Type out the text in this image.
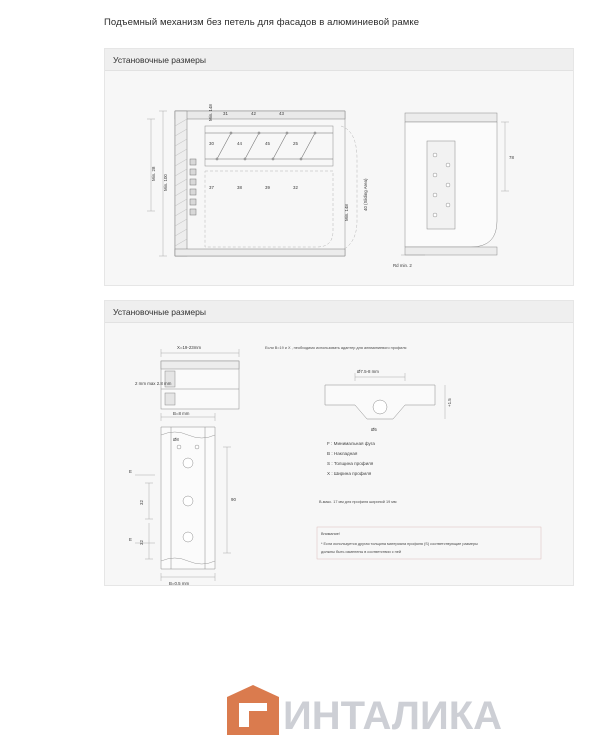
Подъемный механизм без петель для фасадов в алюминиевой рамке
Установочные размеры
Min. 100
Min. 28
Min. 148
Min. 148
40 (Sliding Area)
30	44	45	25
37	38	39	32
31	42	43
78
Rd min. 2
Установочные размеры
X=19-23mm
2 mm max 2.8 mm
B=8 mm
Если B=19 и X , необходимо использовать адаптер для алюминиевого профиля
Ø7.5-8 mm
+1.5
Ø5
F : Минимальная фуга
B : Накладная
S : Толщина профиля
X : Ширина профиля
90
32
32
B=0.5 mm
E
E
Ø8
B-макс. 17 мм для профиля шириной 19 мм
Внимание!
* Если используется другая толщина материала профиля (S) соответствующие размеры
должны быть изменены в соответствии с ней
ИНТАЛИКА
